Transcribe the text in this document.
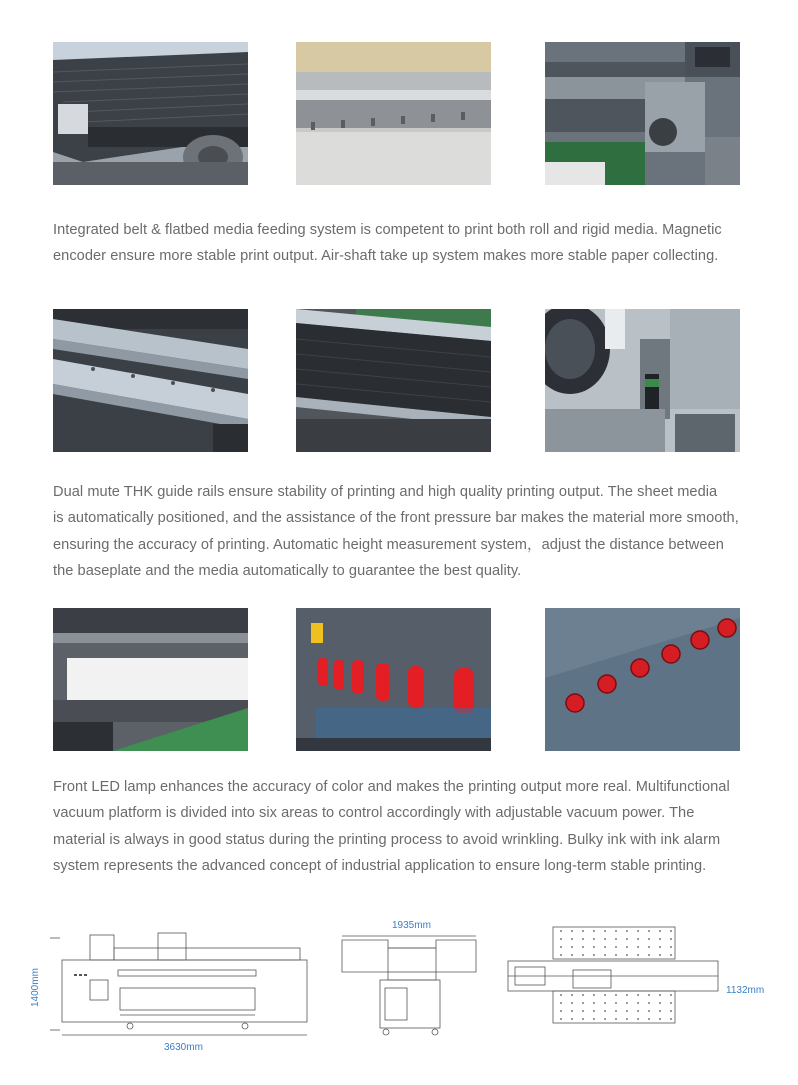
Integrated belt & flatbed media feeding system is competent to print both roll and rigid media. Magnetic
encoder ensure more stable print output. Air-shaft take up system makes more stable paper collecting.

Dual mute THK guide rails ensure stability of printing and high quality printing output. The sheet media
is automatically positioned, and the assistance of the front pressure bar makes the material more smooth,
ensuring the accuracy of printing. Automatic height measurement system，adjust the distance between
the baseplate and the media automatically to guarantee the best quality.

Front LED lamp enhances the accuracy of color and makes the printing output more real. Multifunctional
vacuum platform is divided into six areas to control accordingly with adjustable vacuum power. The
material is always in good status during the printing process to avoid wrinkling. Bulky ink with ink alarm
system represents the advanced concept of industrial application to ensure long-term stable printing.

1400mm
3630mm
1935mm
1132mm
